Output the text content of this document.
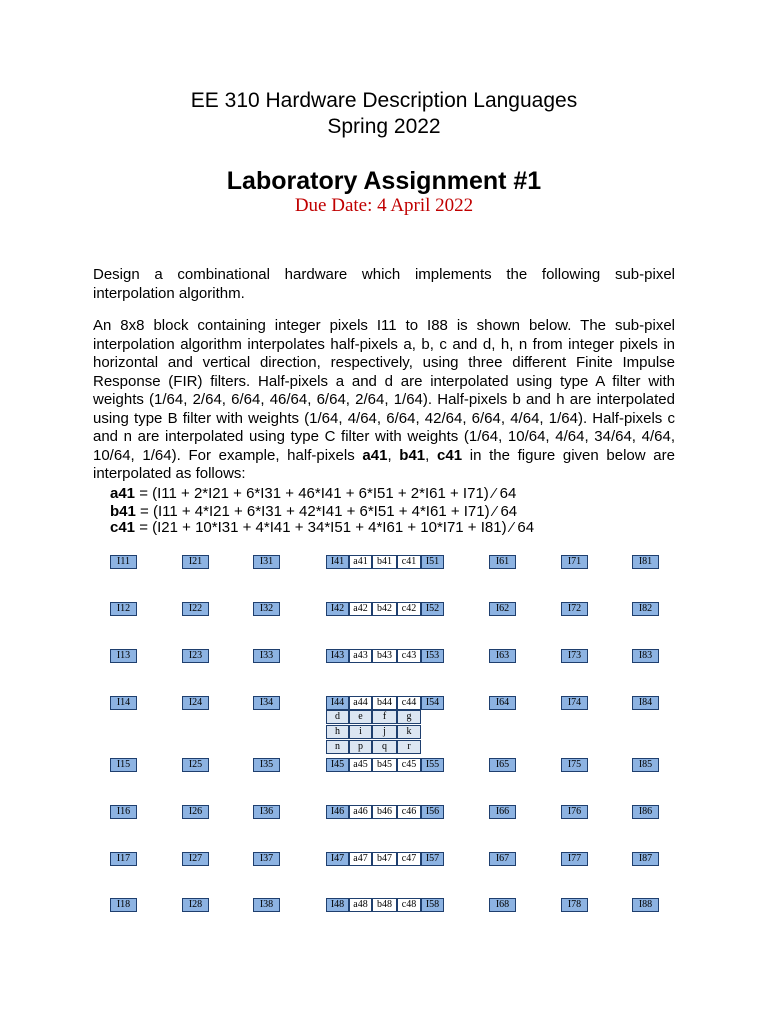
EE 310 Hardware Description Languages
Spring 2022
Laboratory Assignment #1
Due Date: 4 April 2022

Design a combinational hardware which implements the following sub-pixel interpolation algorithm.

An 8x8 block containing integer pixels I11 to I88 is shown below. The sub-pixel interpolation algorithm interpolates half-pixels a, b, c and d, h, n from integer pixels in horizontal and vertical direction, respectively, using three different Finite Impulse Response (FIR) filters. Half-pixels a and d are interpolated using type A filter with weights (1/64, 2/64, 6/64, 46/64, 6/64, 2/64, 1/64). Half-pixels b and h are interpolated using type B filter with weights (1/64, 4/64, 6/64, 42/64, 6/64, 4/64, 1/64). Half-pixels c and n are interpolated using type C filter with weights (1/64, 10/64, 4/64, 34/64, 4/64, 10/64, 1/64). For example, half-pixels a41, b41, c41 in the figure given below are interpolated as follows:

a41 = (I11 + 2*I21 + 6*I31 + 46*I41 + 6*I51 + 2*I61 + I71) ⁄ 64
b41 = (I11 + 4*I21 + 6*I31 + 42*I41 + 6*I51 + 4*I61 + I71) ⁄ 64
c41 = (I21 + 10*I31 + 4*I41 + 34*I51 + 4*I61 + 10*I71 + I81) ⁄ 64
I11	I21	I31	I41 a41 b41 c41 I51	I61	I71	I81
I12	I22	I32	I42 a42 b42 c42 I52	I62	I72	I82
I13	I23	I33	I43 a43 b43 c43 I53	I63	I73	I83
I14	I24	I34	I44 a44 b44 c44 I54	I64	I74	I84
I15	I25	I35	I45 a45 b45 c45 I55	I65	I75	I85
I16	I26	I36	I46 a46 b46 c46 I56	I66	I76	I86
I17	I27	I37	I47 a47 b47 c47 I57	I67	I77	I87
I18	I28	I38	I48 a48 b48 c48 I58	I68	I78	I88
d	e	f	g
h	i	j	k
n	p	q	r
